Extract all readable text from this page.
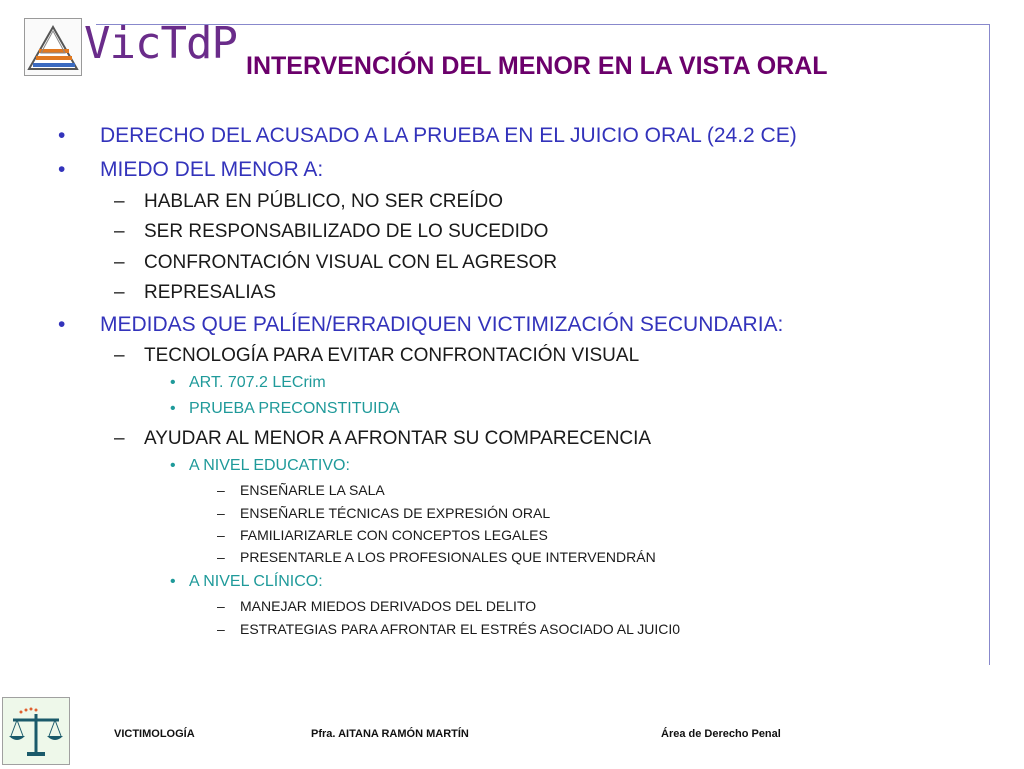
VicTdP INTERVENCIÓN DEL MENOR EN LA VISTA ORAL
•	DERECHO DEL ACUSADO A LA PRUEBA EN EL JUICIO ORAL (24.2 CE)
•	MIEDO DEL MENOR A:
–	HABLAR EN PÚBLICO, NO SER CREÍDO
–	SER RESPONSABILIZADO DE LO SUCEDIDO
–	CONFRONTACIÓN VISUAL CON EL AGRESOR
–	REPRESALIAS
•	MEDIDAS QUE PALÍEN/ERRADIQUEN VICTIMIZACIÓN SECUNDARIA:
–	TECNOLOGÍA PARA EVITAR CONFRONTACIÓN VISUAL
• ART. 707.2 LECrim
• PRUEBA PRECONSTITUIDA
–	AYUDAR AL MENOR A AFRONTAR SU COMPARECENCIA
• A NIVEL EDUCATIVO:
–	ENSEÑARLE LA SALA
–	ENSEÑARLE TÉCNICAS DE EXPRESIÓN ORAL
–	FAMILIARIZARLE CON CONCEPTOS LEGALES
–	PRESENTARLE A LOS PROFESIONALES QUE INTERVENDRÁN
• A NIVEL CLÍNICO:
–	MANEJAR MIEDOS DERIVADOS DEL DELITO
–	ESTRATEGIAS PARA AFRONTAR EL ESTRÉS ASOCIADO AL JUICI0
VICTIMOLOGÍA	Pfra. AITANA RAMÓN MARTÍN	Área de Derecho Penal
